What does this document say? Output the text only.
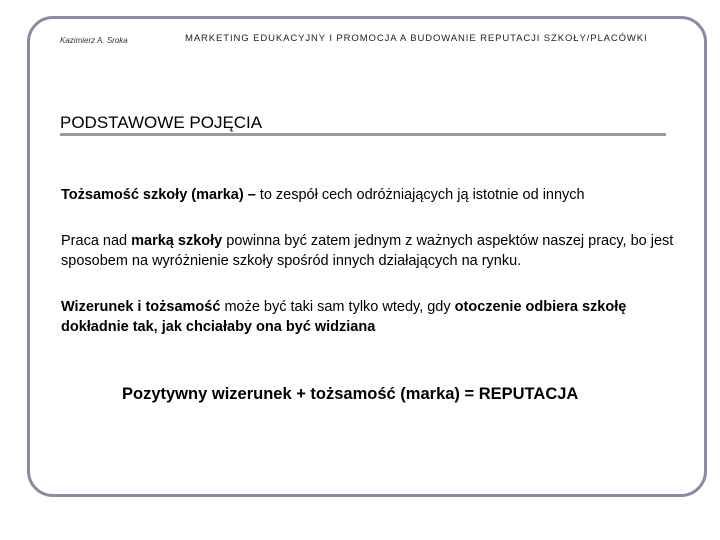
Kazimierz A. Sroka	MARKETING EDUKACYJNY I PROMOCJA A BUDOWANIE REPUTACJI SZKOŁY/PLACÓWKI
PODSTAWOWE POJĘCIA
Tożsamość szkoły (marka) – to zespół cech odróżniających ją istotnie od innych
Praca nad marką szkoły powinna być zatem jednym z ważnych aspektów naszej pracy, bo jest sposobem na wyróżnienie szkoły spośród innych działających na rynku.
Wizerunek i tożsamość może być taki sam tylko wtedy, gdy otoczenie odbiera szkołę dokładnie tak, jak chciałaby ona być widziana
Pozytywny wizerunek + tożsamość (marka) = REPUTACJA
